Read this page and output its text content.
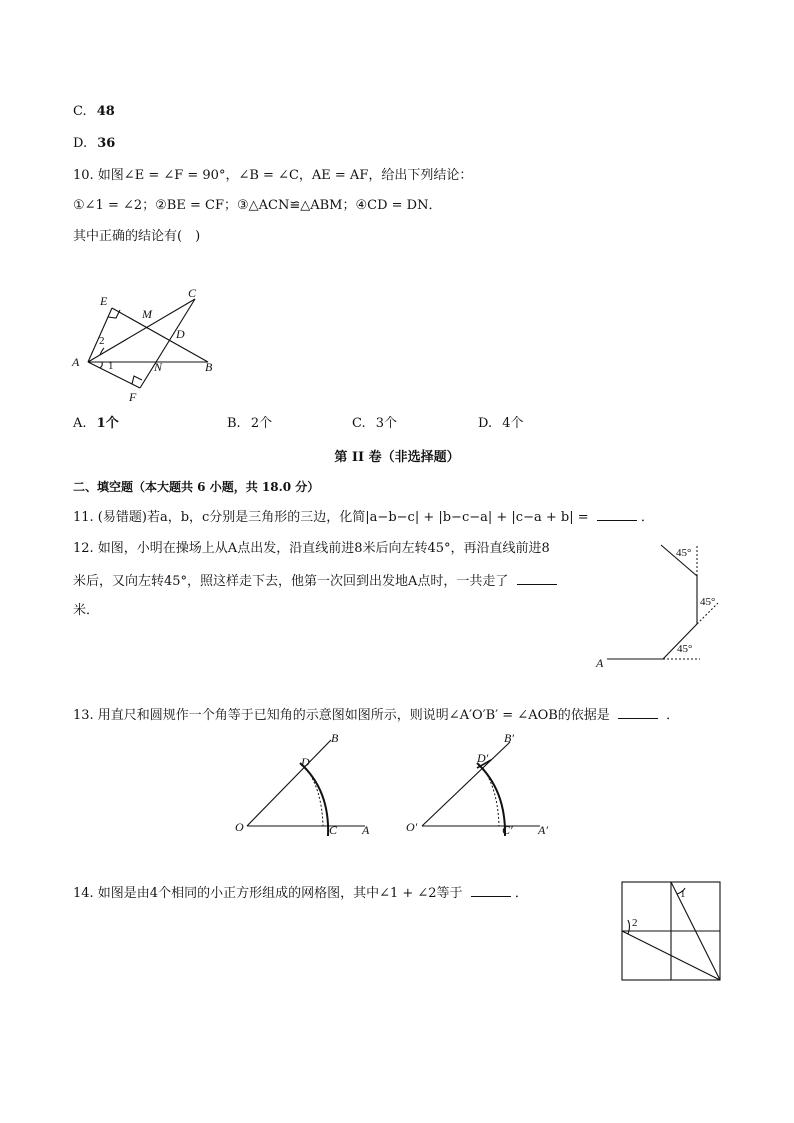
C. 48
D. 36
10. 如图∠E = ∠F = 90°，∠B = ∠C，AE = AF，给出下列结论：
①∠1 = ∠2；②BE = CF；③△ACN≌△ABM；④CD = DN．
其中正确的结论有(　)
E
C
M
D
A	N	B
F
1
2
A. 1个	B. 2个	C. 3个	D. 4个
第 II 卷（非选择题）
二、填空题（本大题共 6 小题，共 18.0 分）
11. (易错题)若a，b，c分别是三角形的三边，化简|a−b−c| + |b−c−a| + |c−a + b| =	．
12. 如图，小明在操场上从A点出发，沿直线前进8米后向左转45°，再沿直线前进8
米后，又向左转45°，照这样走下去，他第一次回到出发地A点时，一共走了
米．
45°
45°
45°
A
13. 用直尺和圆规作一个角等于已知角的示意图如图所示，则说明∠A′O′B′ = ∠AOB的依据是	．
O	C A
D
B
O′	C′ A′
D′
B′
14. 如图是由4个相同的小正方形组成的网格图，其中∠1 + ∠2等于	．	1
2
